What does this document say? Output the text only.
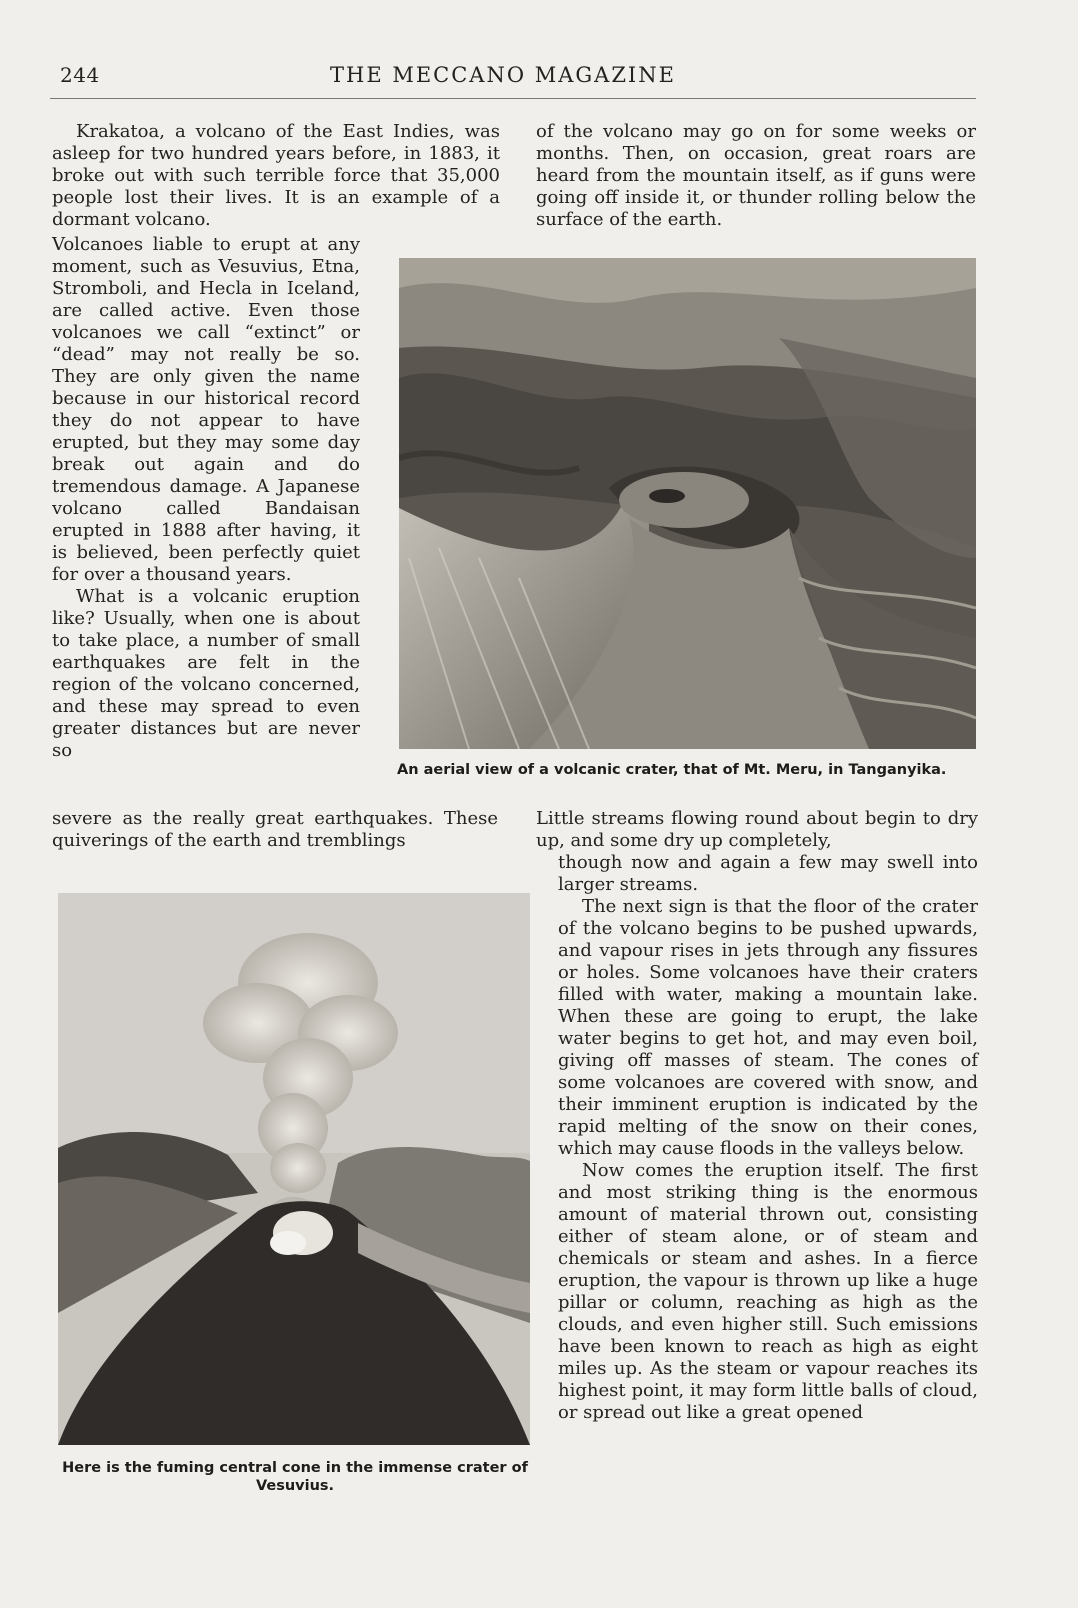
244	THE MECCANO MAGAZINE

Krakatoa, a volcano of the East Indies, was asleep for two hundred years before, in 1883, it broke out with such terrible force that 35,000 people lost their lives. It is an example of a dormant volcano.

of the volcano may go on for some weeks or months. Then, on occasion, great roars are heard from the mountain itself, as if guns were going off inside it, or thunder rolling below the surface of the earth.

Volcanoes liable to erupt at any moment, such as Vesuvius, Etna, Stromboli, and Hecla in Iceland, are called active. Even those volcanoes we call “extinct” or “dead” may not really be so. They are only given the name because in our historical record they do not appear to have erupted, but they may some day break out again and do tremendous damage. A Japanese volcano called Bandaisan erupted in 1888 after having, it is believed, been perfectly quiet for over a thousand years.

What is a volcanic eruption like? Usually, when one is about to take place, a number of small earthquakes are felt in the region of the volcano concerned, and these may spread to even greater distances but are never so

An aerial view of a volcanic crater, that of Mt. Meru, in Tanganyika.

severe as the really great earthquakes. These quiverings of the earth and tremblings

Little streams flowing round about begin to dry up, and some dry up completely,

though now and again a few may swell into larger streams.

The next sign is that the floor of the crater of the volcano begins to be pushed upwards, and vapour rises in jets through any fissures or holes. Some volcanoes have their craters filled with water, making a mountain lake. When these are going to erupt, the lake water begins to get hot, and may even boil, giving off masses of steam. The cones of some volcanoes are covered with snow, and their imminent eruption is indicated by the rapid melting of the snow on their cones, which may cause floods in the valleys below.

Now comes the eruption itself. The first and most striking thing is the enormous amount of material thrown out, consisting either of steam alone, or of steam and chemicals or steam and ashes. In a fierce eruption, the vapour is thrown up like a huge pillar or column, reaching as high as the clouds, and even higher still. Such emissions have been known to reach as high as eight miles up. As the steam or vapour reaches its highest point, it may form little balls of cloud, or spread out like a great opened

Here is the fuming central cone in the immense crater of Vesuvius.
